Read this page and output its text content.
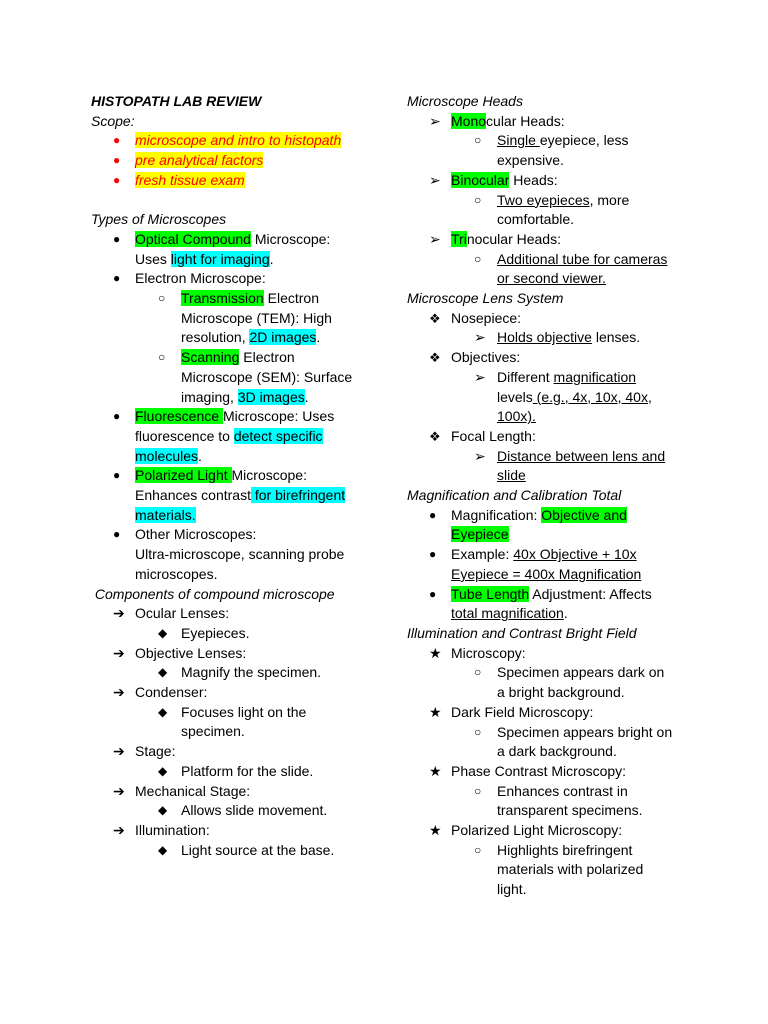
HISTOPATH LAB REVIEW
Scope:
● microscope and intro to histopath
● pre analytical factors
● fresh tissue exam
Types of Microscopes
● Optical Compound Microscope:
Uses light for imaging.
● Electron Microscope:
○ Transmission Electron
Microscope (TEM): High
resolution, 2D images.
○ Scanning Electron
Microscope (SEM): Surface
imaging, 3D images.
● Fluorescence Microscope: Uses
fluorescence to detect specific
molecules.
● Polarized Light Microscope:
Enhances contrast for birefringent
materials.
● Other Microscopes:
Ultra-microscope, scanning probe
microscopes.
Components of compound microscope
➔ Ocular Lenses:
◆ Eyepieces.
➔ Objective Lenses:
◆ Magnify the specimen.
➔ Condenser:
◆ Focuses light on the
specimen.
➔ Stage:
◆ Platform for the slide.
➔ Mechanical Stage:
◆ Allows slide movement.
➔ Illumination:
◆ Light source at the base.
Microscope Heads
➢ Monocular Heads:
○ Single eyepiece, less
expensive.
➢ Binocular Heads:
○ Two eyepieces, more
comfortable.
➢ Trinocular Heads:
○ Additional tube for cameras
or second viewer.
Microscope Lens System
❖ Nosepiece:
➢ Holds objective lenses.
❖ Objectives:
➢ Different magnification
levels (e.g., 4x, 10x, 40x,
100x).
❖ Focal Length:
➢ Distance between lens and
slide
Magnification and Calibration Total
● Magnification: Objective and
Eyepiece
● Example: 40x Objective + 10x
Eyepiece = 400x Magnification
● Tube Length Adjustment: Affects
total magnification.
Illumination and Contrast Bright Field
★ Microscopy:
○ Specimen appears dark on
a bright background.
★ Dark Field Microscopy:
○ Specimen appears bright on
a dark background.
★ Phase Contrast Microscopy:
○ Enhances contrast in
transparent specimens.
★ Polarized Light Microscopy:
○ Highlights birefringent
materials with polarized
light.
